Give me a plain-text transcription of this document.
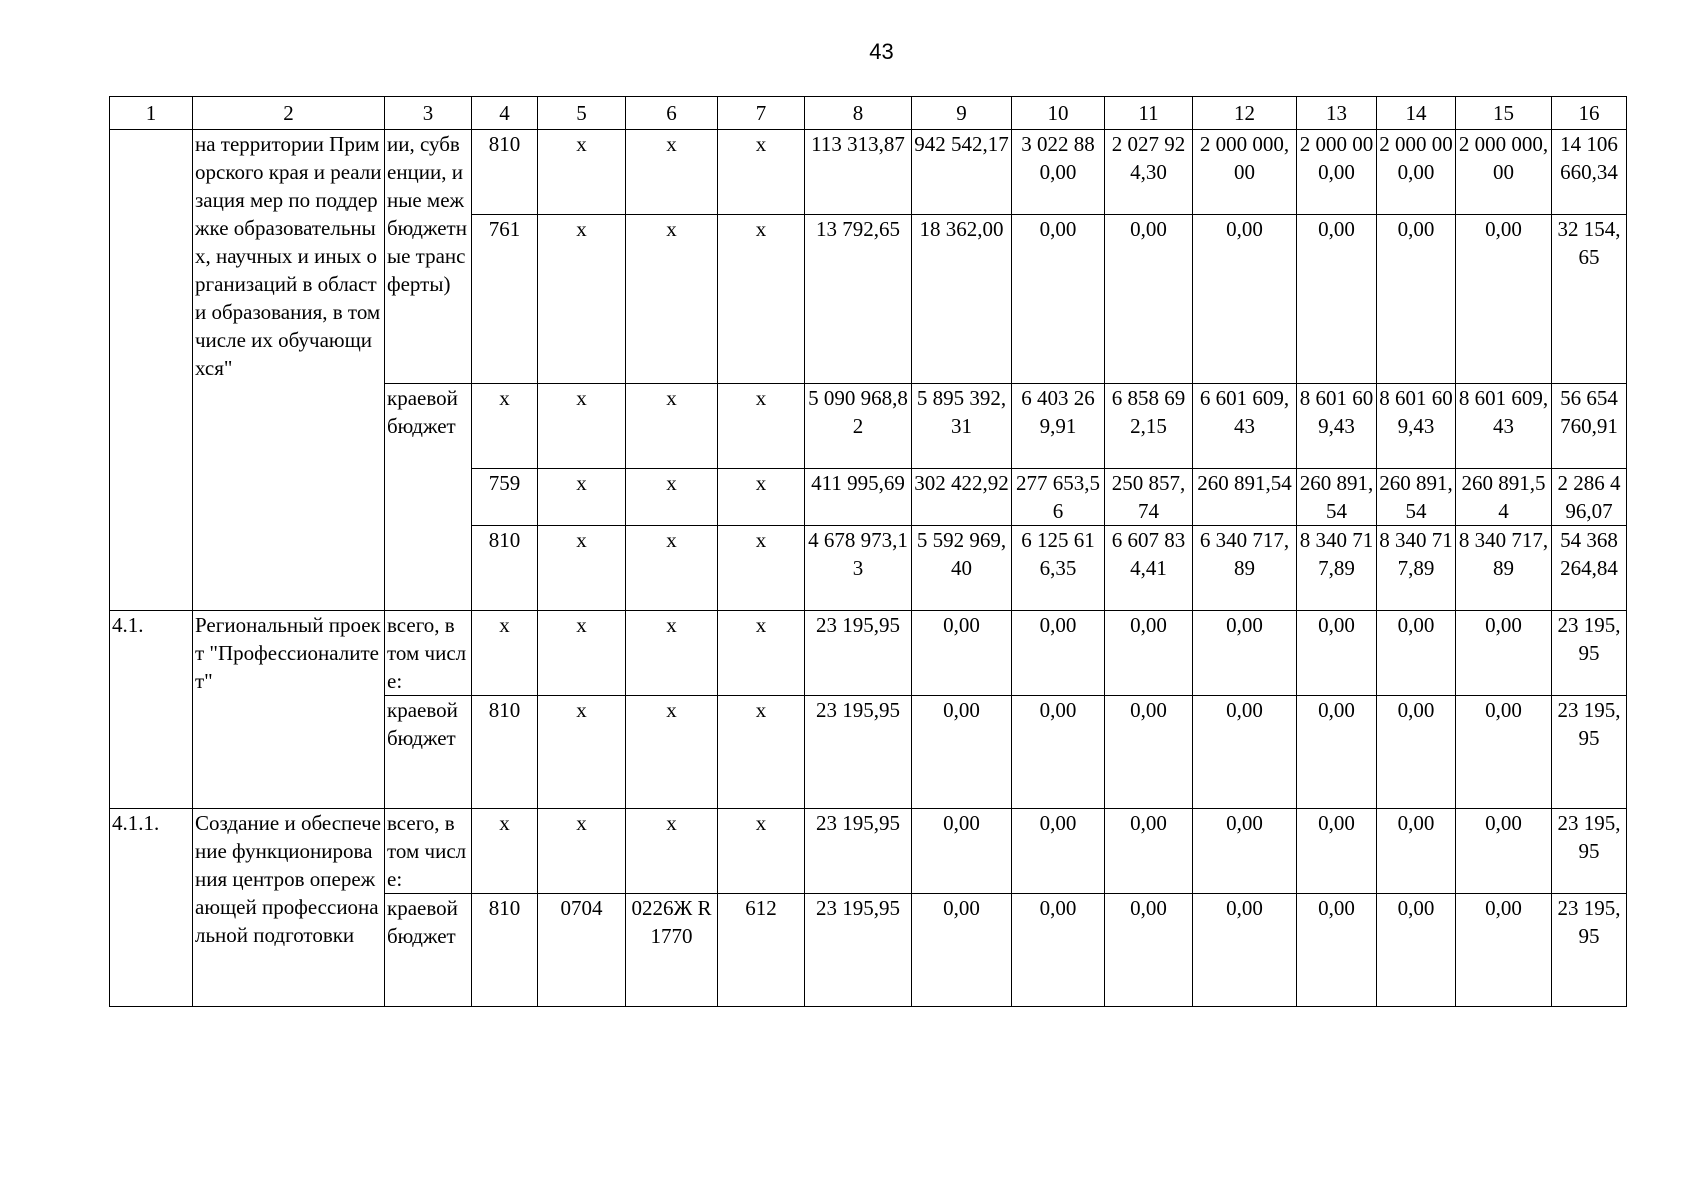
43
1	2	3	4	5	6	7	8	9	10	11	12	13	14	15	16
	на территории Приморского края и реализация мер по поддержке образовательных, научных и иных организаций в области образования, в том числе их обучающихся"	ии, субвенции, иные межбюджетные трансферты)	810	x	x	x	113 313,87	942 542,17	3 022 880,00	2 027 924,30	2 000 000,00	2 000 000,00	2 000 000,00	2 000 000,00	14 106 660,34
			761	x	x	x	13 792,65	18 362,00	0,00	0,00	0,00	0,00	0,00	0,00	32 154,65
		краевой бюджет	x	x	x	x	5 090 968,82	5 895 392,31	6 403 269,91	6 858 692,15	6 601 609,43	8 601 609,43	8 601 609,43	8 601 609,43	56 654 760,91
			759	x	x	x	411 995,69	302 422,92	277 653,56	250 857,74	260 891,54	260 891,54	260 891,54	260 891,54	2 286 496,07
			810	x	x	x	4 678 973,13	5 592 969,40	6 125 616,35	6 607 834,41	6 340 717,89	8 340 717,89	8 340 717,89	8 340 717,89	54 368 264,84
4.1.	Региональный проект "Профессионалитет"	всего, в том числе:	x	x	x	x	23 195,95	0,00	0,00	0,00	0,00	0,00	0,00	0,00	23 195,95
		краевой бюджет	810	x	x	x	23 195,95	0,00	0,00	0,00	0,00	0,00	0,00	0,00	23 195,95
4.1.1.	Создание и обеспечение функционирования центров опережающей профессиональной подготовки	всего, в том числе:	x	x	x	x	23 195,95	0,00	0,00	0,00	0,00	0,00	0,00	0,00	23 195,95
		краевой бюджет	810	0704	0226Ж R1770	612	23 195,95	0,00	0,00	0,00	0,00	0,00	0,00	0,00	23 195,95
